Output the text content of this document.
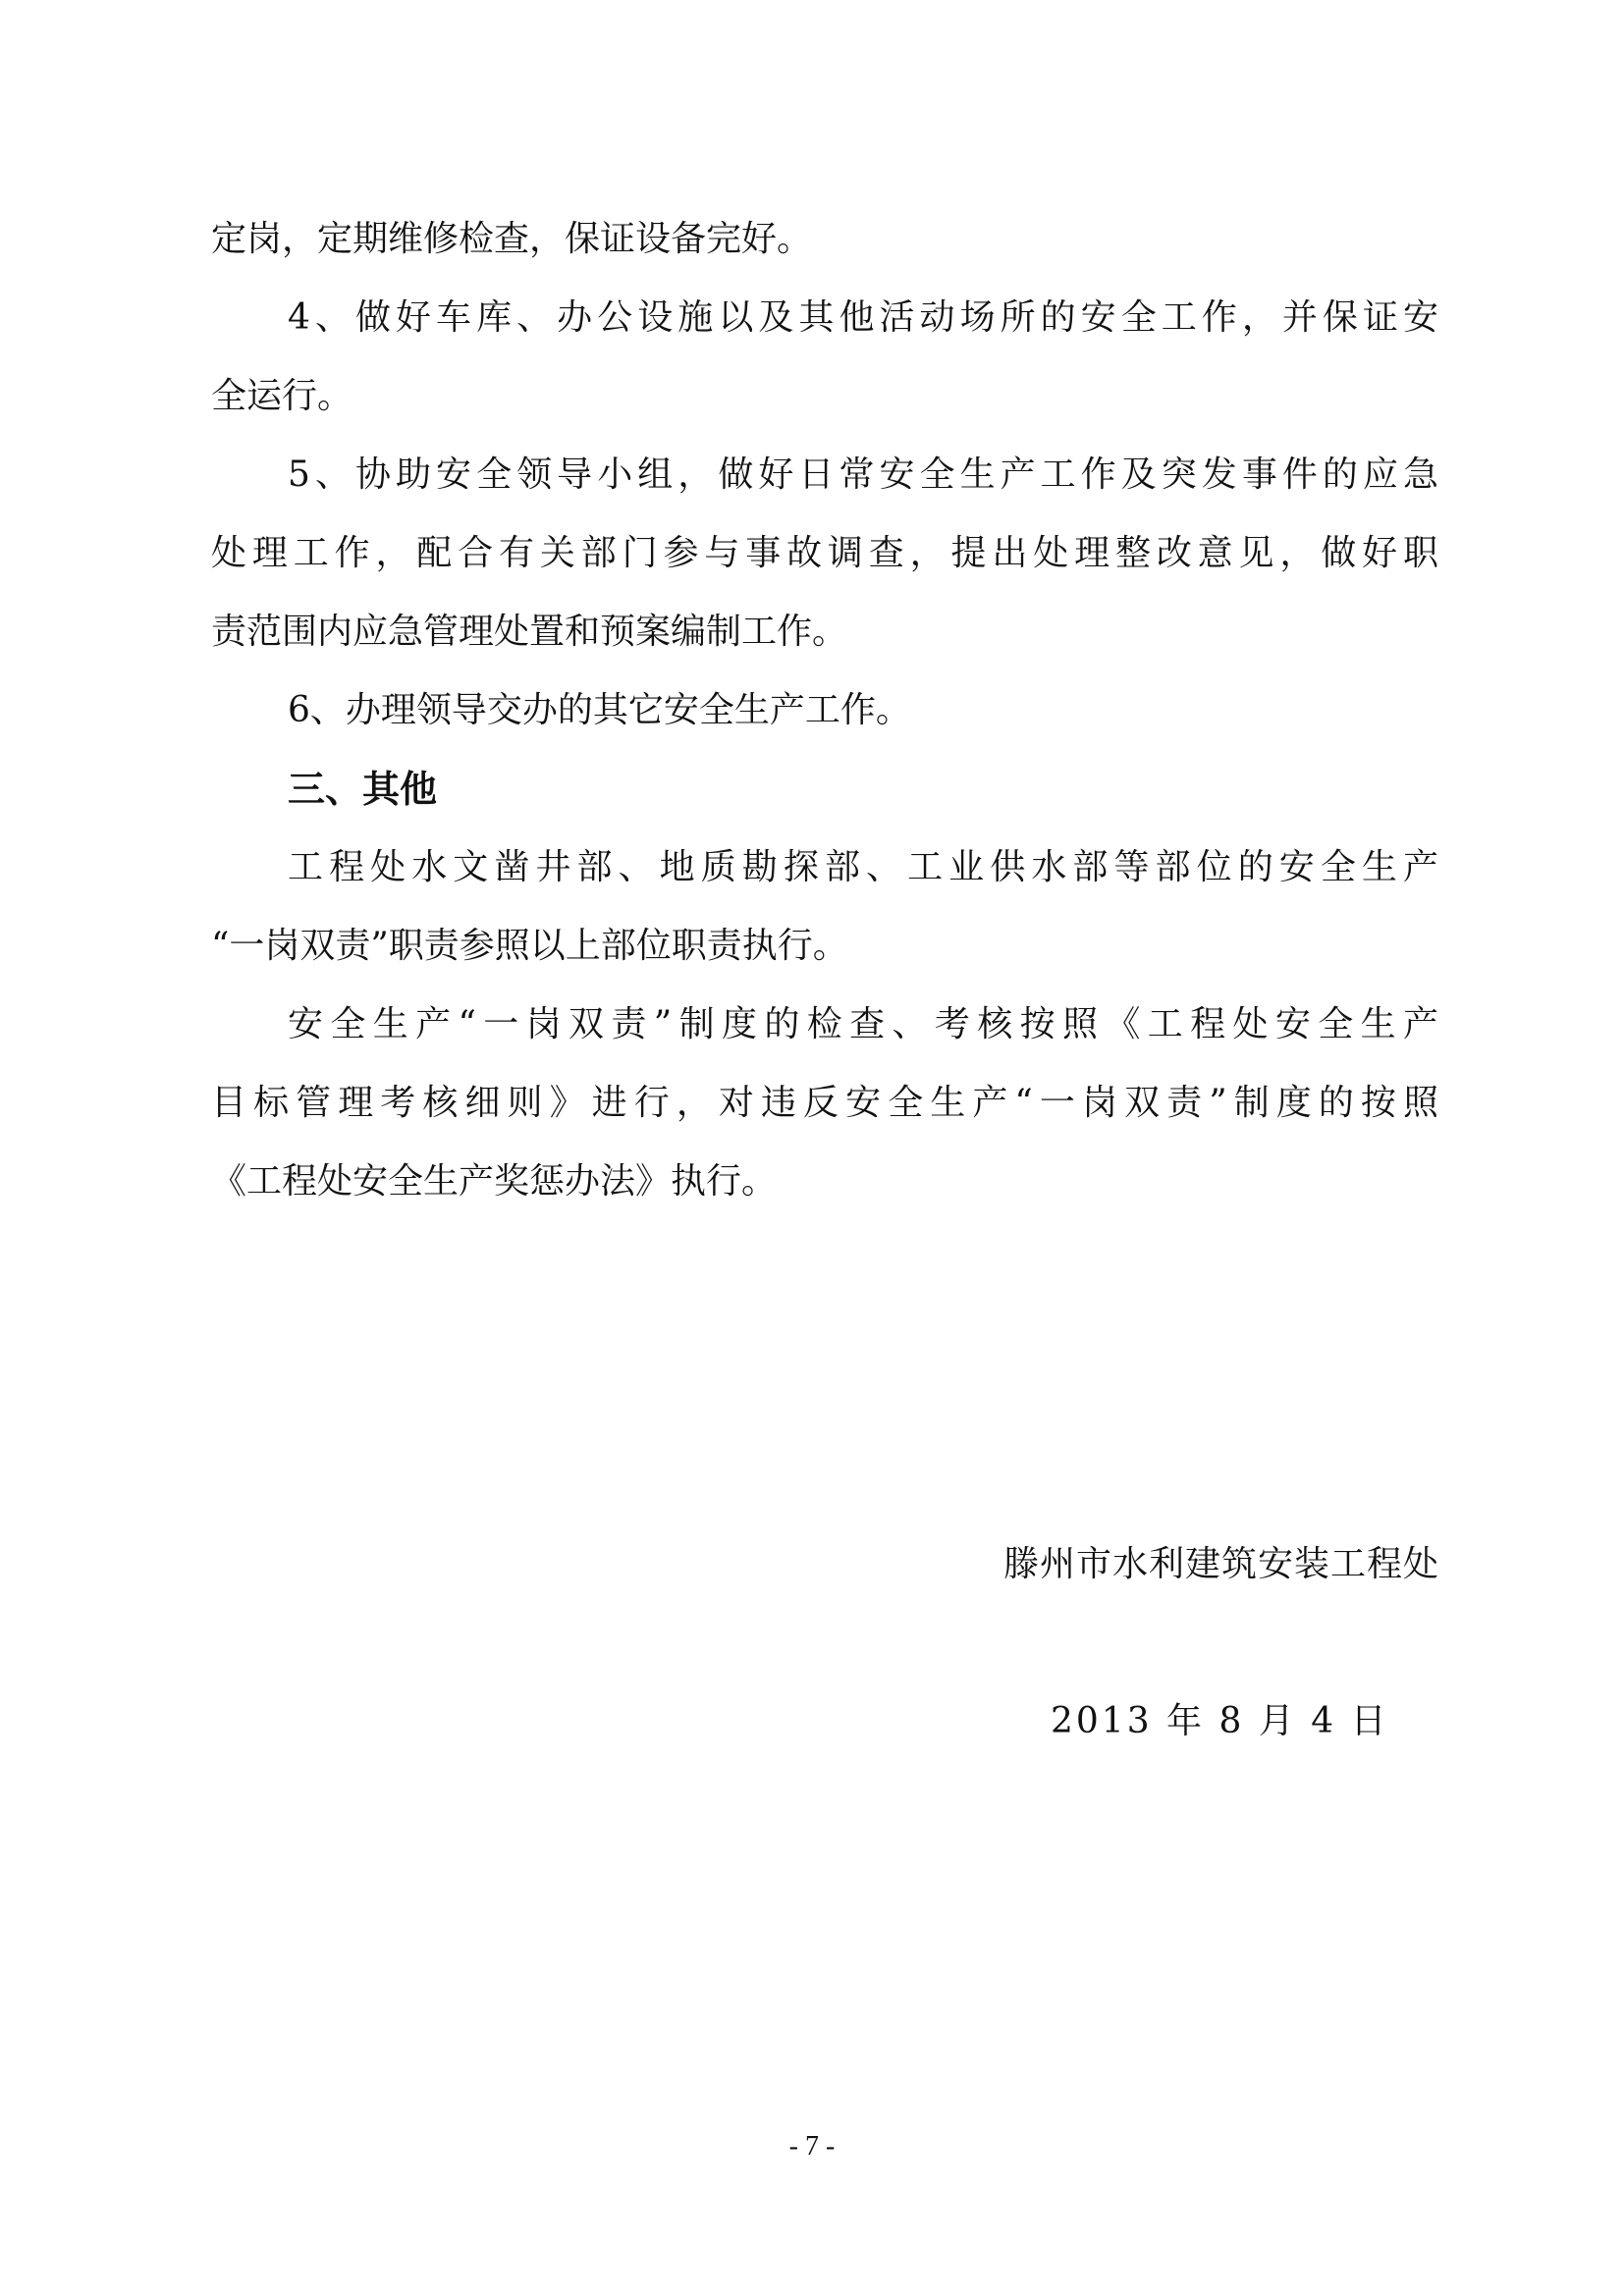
定岗，定期维修检查，保证设备完好。
4、做好车库、办公设施以及其他活动场所的安全工作，并保证安
全运行。
5、协助安全领导小组，做好日常安全生产工作及突发事件的应急
处理工作，配合有关部门参与事故调查，提出处理整改意见，做好职
责范围内应急管理处置和预案编制工作。
6、办理领导交办的其它安全生产工作。
三、其他
工程处水文凿井部、地质勘探部、工业供水部等部位的安全生产
“一岗双责”职责参照以上部位职责执行。
安全生产“一岗双责”制度的检查、考核按照《工程处安全生产
目标管理考核细则》进行，对违反安全生产“一岗双责”制度的按照
《工程处安全生产奖惩办法》执行。
滕州市水利建筑安装工程处
2013 年 8 月 4 日
- 7 -
